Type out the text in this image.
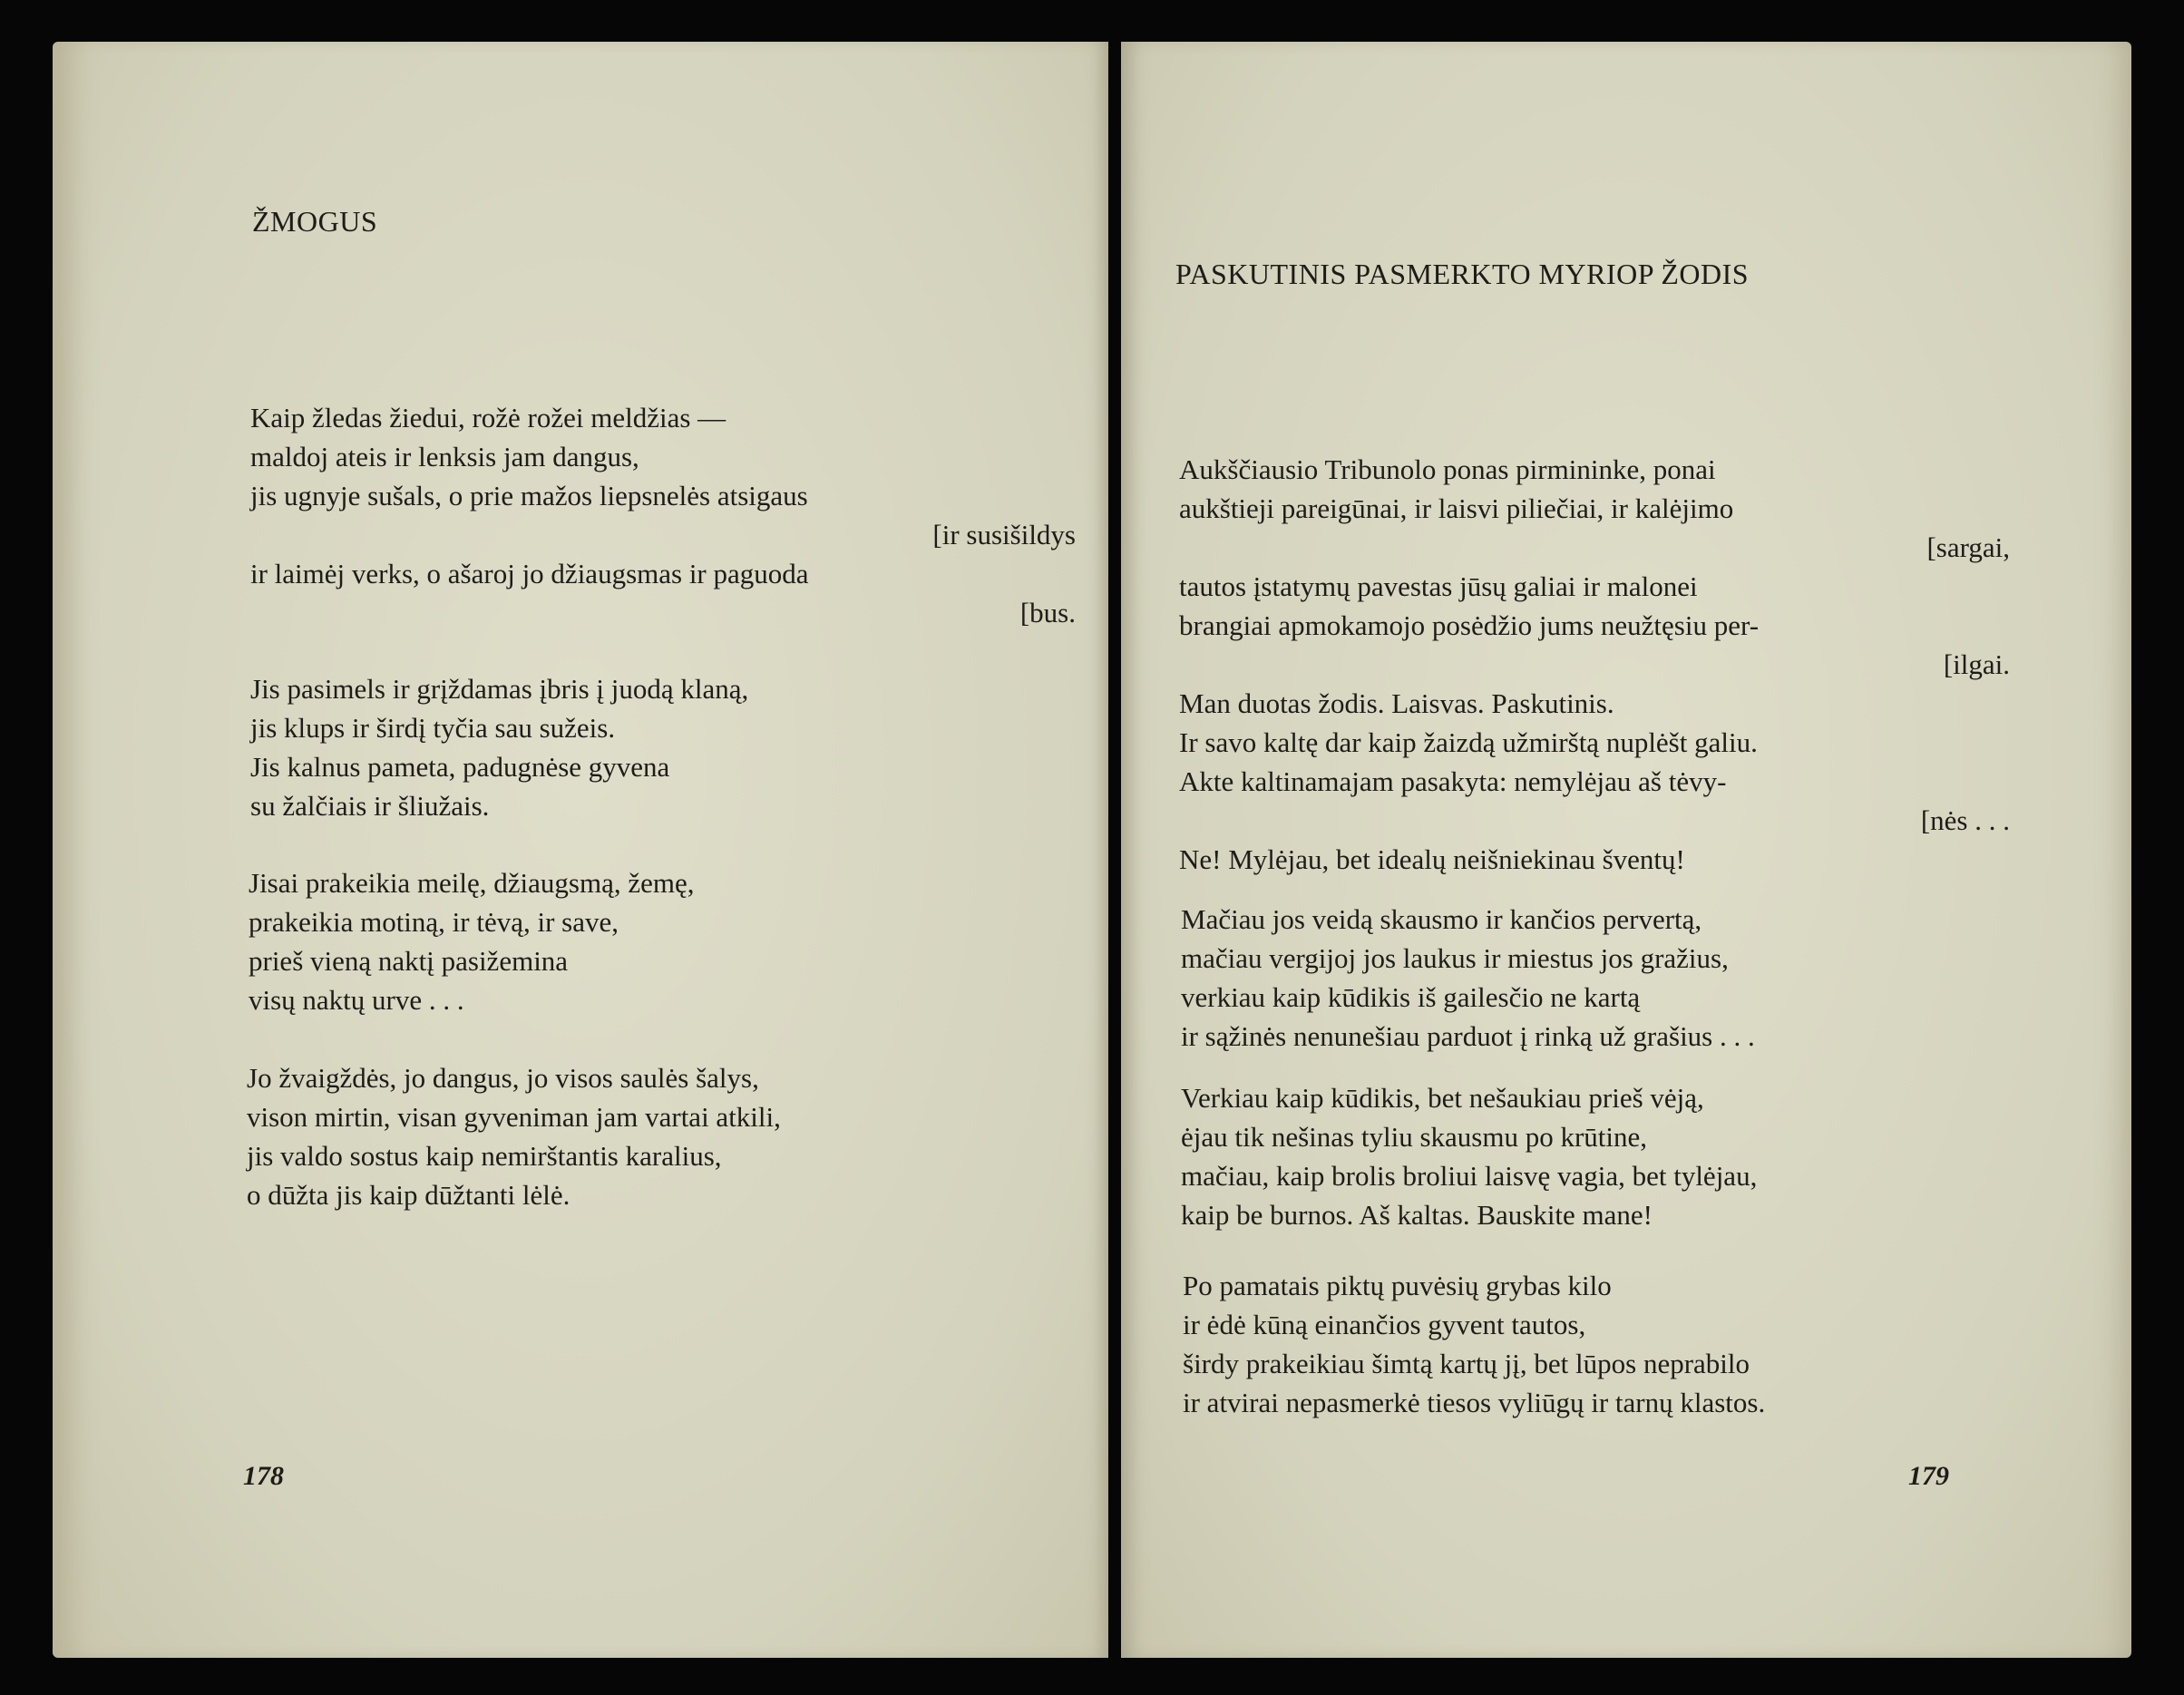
ŽMOGUS
Kaip žledas žiedui, rožė rožei meldžias —
maldoj ateis ir lenksis jam dangus,
jis ugnyje sušals, o prie mažos liepsnelės atsigaus
[ir susišildys
ir laimėj verks, o ašaroj jo džiaugsmas ir paguoda
[bus.
Jis pasimels ir grįždamas įbris į juodą klaną,
jis klups ir širdį tyčia sau sužeis.
Jis kalnus pameta, padugnėse gyvena
su žalčiais ir šliužais.
Jisai prakeikia meilę, džiaugsmą, žemę,
prakeikia motiną, ir tėvą, ir save,
prieš vieną naktį pasižemina
visų naktų urve . . .
Jo žvaigždės, jo dangus, jo visos saulės šalys,
vison mirtin, visan gyveniman jam vartai atkili,
jis valdo sostus kaip nemirštantis karalius,
o dūžta jis kaip dūžtanti lėlė.
178
PASKUTINIS PASMERKTO MYRIOP ŽODIS
Aukščiausio Tribunolo ponas pirmininke, ponai
aukštieji pareigūnai, ir laisvi piliečiai, ir kalėjimo
[sargai,
tautos įstatymų pavestas jūsų galiai ir malonei
brangiai apmokamojo posėdžio jums neužtęsiu per-
[ilgai.
Man duotas žodis. Laisvas. Paskutinis.
Ir savo kaltę dar kaip žaizdą užmirštą nuplėšt galiu.
Akte kaltinamajam pasakyta: nemylėjau aš tėvy-
[nės . . .
Ne! Mylėjau, bet idealų neišniekinau šventų!
Mačiau jos veidą skausmo ir kančios pervertą,
mačiau vergijoj jos laukus ir miestus jos gražius,
verkiau kaip kūdikis iš gailesčio ne kartą
ir sąžinės nenunešiau parduot į rinką už grašius . . .
Verkiau kaip kūdikis, bet nešaukiau prieš vėją,
ėjau tik nešinas tyliu skausmu po krūtine,
mačiau, kaip brolis broliui laisvę vagia, bet tylėjau,
kaip be burnos. Aš kaltas. Bauskite mane!
Po pamatais piktų puvėsių grybas kilo
ir ėdė kūną einančios gyvent tautos,
širdy prakeikiau šimtą kartų jį, bet lūpos neprabilo
ir atvirai nepasmerkė tiesos vyliūgų ir tarnų klastos.
179
